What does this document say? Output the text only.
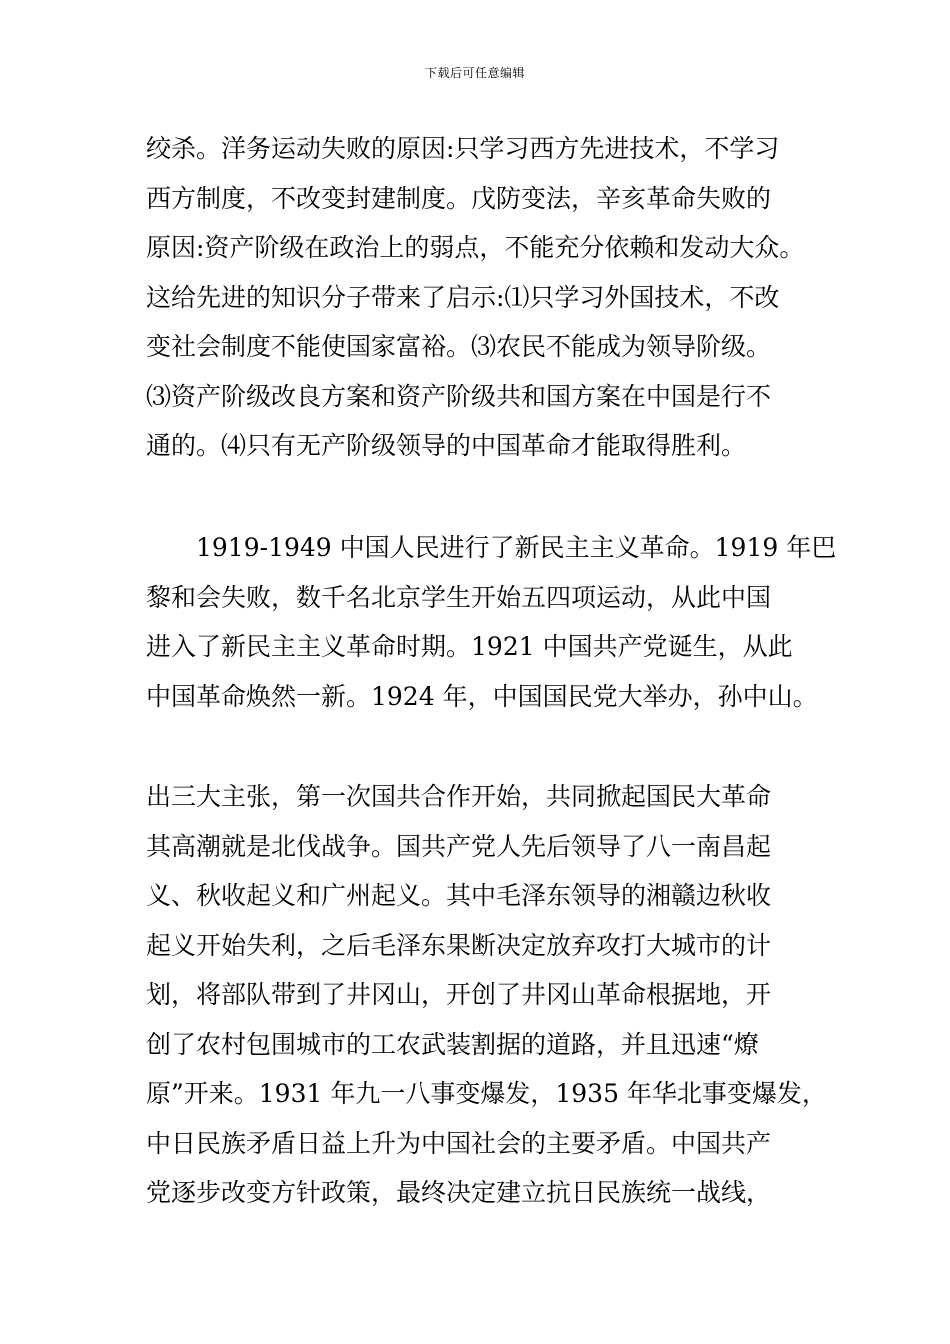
下载后可任意编辑
绞杀。洋务运动失败的原因:只学习西方先进技术，不学习
西方制度，不改变封建制度。戊防变法，辛亥革命失败的
原因:资产阶级在政治上的弱点，不能充分依赖和发动大众。
这给先进的知识分子带来了启示:⑴只学习外国技术，不改
变社会制度不能使国家富裕。⑶农民不能成为领导阶级。
⑶资产阶级改良方案和资产阶级共和国方案在中国是行不
通的。⑷只有无产阶级领导的中国革命才能取得胜利。
1919-1949 中国人民进行了新民主主义革命。1919 年巴
黎和会失败，数千名北京学生开始五四项运动，从此中国
进入了新民主主义革命时期。1921 中国共产党诞生，从此
中国革命焕然一新。1924 年，中国国民党大举办，孙中山。
出三大主张，第一次国共合作开始，共同掀起国民大革命
其高潮就是北伐战争。国共产党人先后领导了八一南昌起
义、秋收起义和广州起义。其中毛泽东领导的湘赣边秋收
起义开始失利，之后毛泽东果断决定放弃攻打大城市的计
划，将部队带到了井冈山，开创了井冈山革命根据地，开
创了农村包围城市的工农武装割据的道路，并且迅速“燎
原”开来。1931 年九一八事变爆发，1935 年华北事变爆发，
中日民族矛盾日益上升为中国社会的主要矛盾。中国共产
党逐步改变方针政策，最终决定建立抗日民族统一战线，
